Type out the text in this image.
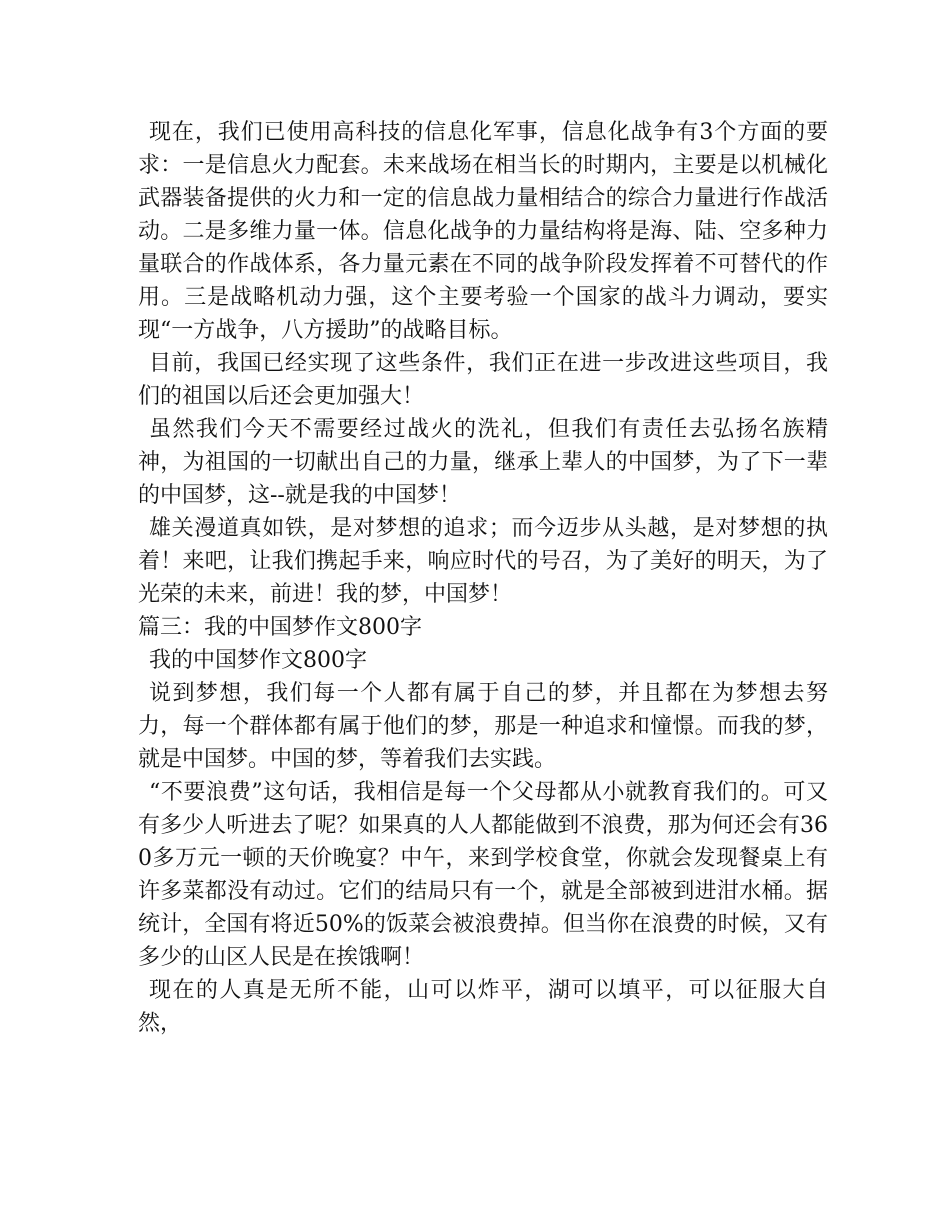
现在，我们已使用高科技的信息化军事，信息化战争有3个方面的要求：一是信息火力配套。未来战场在相当长的时期内，主要是以机械化武器装备提供的火力和一定的信息战力量相结合的综合力量进行作战活动。二是多维力量一体。信息化战争的力量结构将是海、陆、空多种力量联合的作战体系，各力量元素在不同的战争阶段发挥着不可替代的作用。三是战略机动力强，这个主要考验一个国家的战斗力调动，要实现“一方战争，八方援助”的战略目标。

目前，我国已经实现了这些条件，我们正在进一步改进这些项目，我们的祖国以后还会更加强大！

虽然我们今天不需要经过战火的洗礼，但我们有责任去弘扬名族精神，为祖国的一切献出自己的力量，继承上辈人的中国梦，为了下一辈的中国梦，这--就是我的中国梦！

雄关漫道真如铁，是对梦想的追求；而今迈步从头越，是对梦想的执着！来吧，让我们携起手来，响应时代的号召，为了美好的明天，为了光荣的未来，前进！我的梦，中国梦！

篇三：我的中国梦作文800字

我的中国梦作文800字

说到梦想，我们每一个人都有属于自己的梦，并且都在为梦想去努力，每一个群体都有属于他们的梦，那是一种追求和憧憬。而我的梦，就是中国梦。中国的梦，等着我们去实践。

“不要浪费”这句话，我相信是每一个父母都从小就教育我们的。可又有多少人听进去了呢？如果真的人人都能做到不浪费，那为何还会有360多万元一顿的天价晚宴？中午，来到学校食堂，你就会发现餐桌上有许多菜都没有动过。它们的结局只有一个，就是全部被到进泔水桶。据统计，全国有将近50%的饭菜会被浪费掉。但当你在浪费的时候，又有多少的山区人民是在挨饿啊！

现在的人真是无所不能，山可以炸平，湖可以填平，可以征服大自然，
